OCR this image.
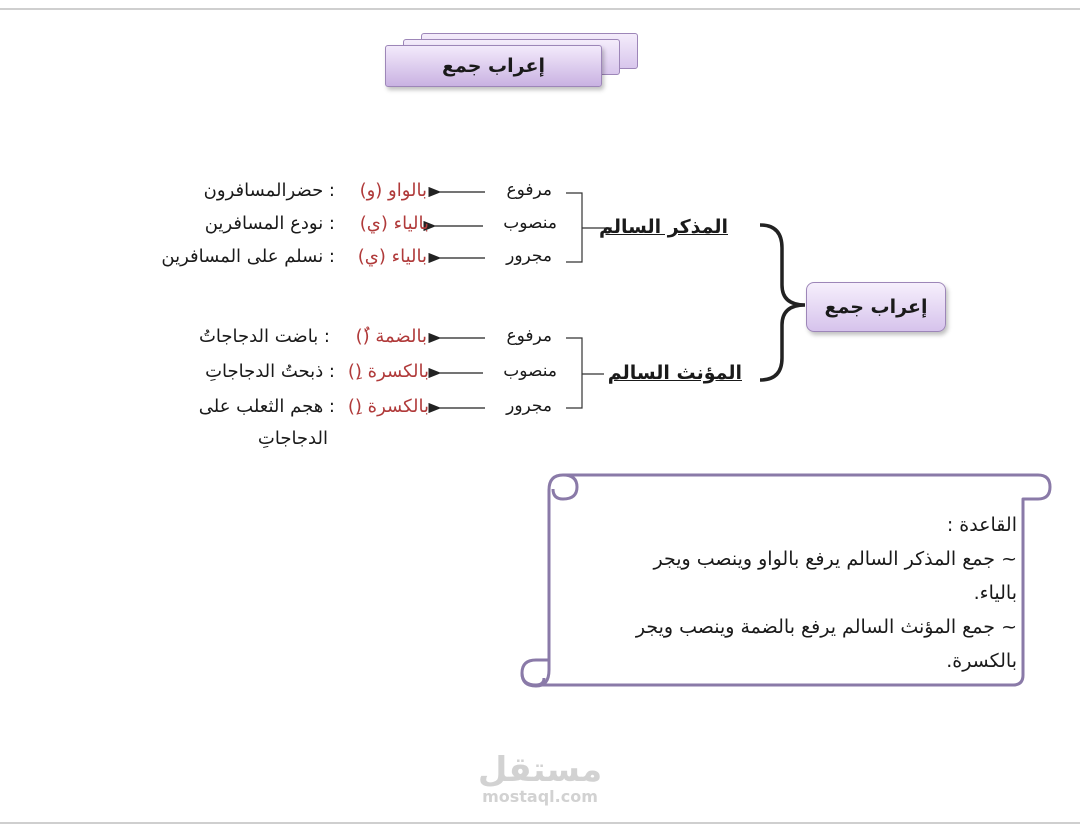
إعراب جمع
المذكر السالم
مرفوع
بالواو (و)
: حضرالمسافرون
منصوب
بالياء (ي)
: نودع المسافرين
مجرور
بالياء (ي)
: نسلم على المسافرين
إعراب جمع
المؤنث السالم
مرفوع
بالضمة (ُ)
: باضت الدجاجاتُ
منصوب
بالكسرة (ِ)
: ذبحتُ الدجاجاتِ
مجرور
بالكسرة (ِ)
: هجم الثعلب على
الدجاجاتِ
القاعدة :
~ جمع المذكر السالم يرفع بالواو وينصب ويجر
بالياء.
~ جمع المؤنث السالم يرفع بالضمة وينصب ويجر
بالكسرة.
مستقل
mostaql.com
